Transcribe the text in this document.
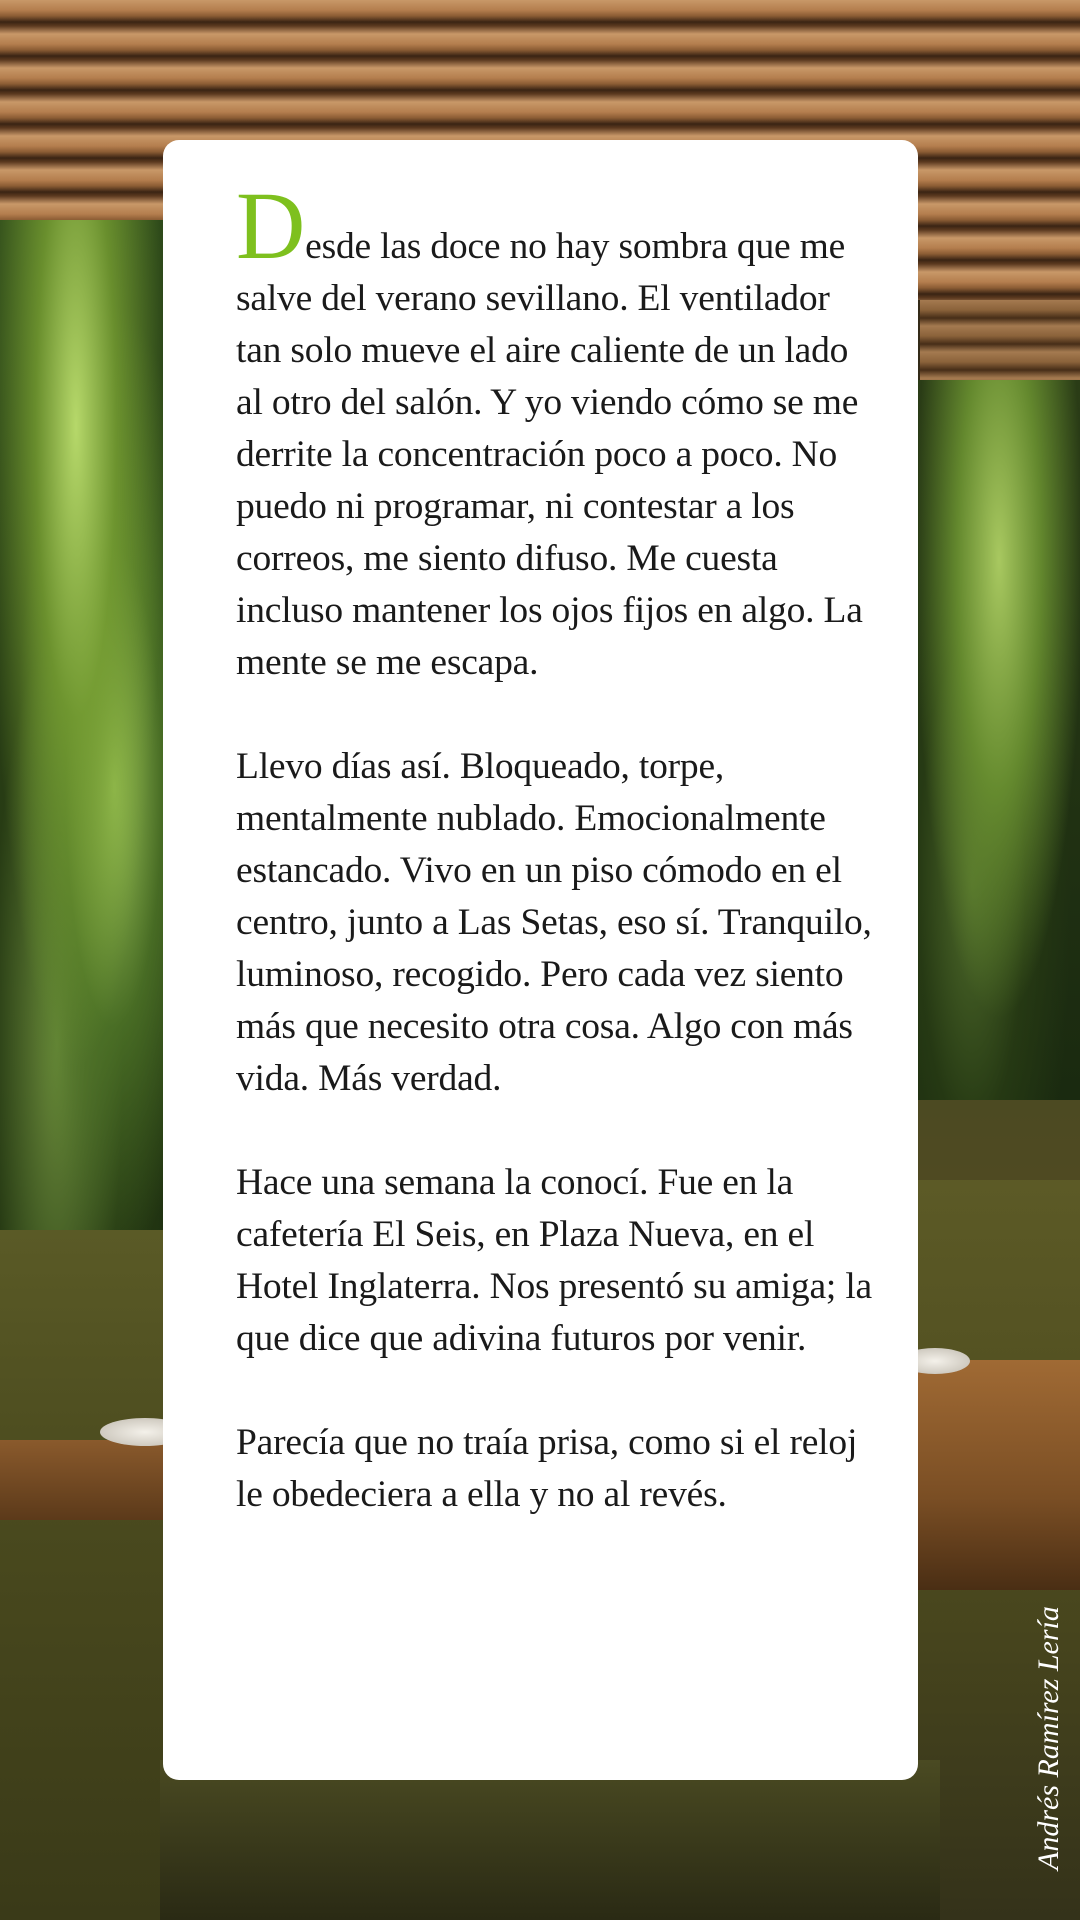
Desde las doce no hay sombra que me salve del verano sevillano. El ventilador tan solo mueve el aire caliente de un lado al otro del salón. Y yo viendo cómo se me derrite la concentración poco a poco. No puedo ni programar, ni contestar a los correos, me siento difuso. Me cuesta incluso mantener los ojos fijos en algo. La mente se me escapa.

Llevo días así. Bloqueado, torpe, mentalmente nublado. Emocionalmente estancado. Vivo en un piso cómodo en el centro, junto a Las Setas, eso sí. Tranquilo, luminoso, recogido. Pero cada vez siento más que necesito otra cosa. Algo con más vida. Más verdad.

Hace una semana la conocí. Fue en la cafetería El Seis, en Plaza Nueva, en el Hotel Inglaterra. Nos presentó su amiga; la que dice que adivina futuros por venir.

Parecía que no traía prisa, como si el reloj le obedeciera a ella y no al revés.

Andrés Ramírez Lería
